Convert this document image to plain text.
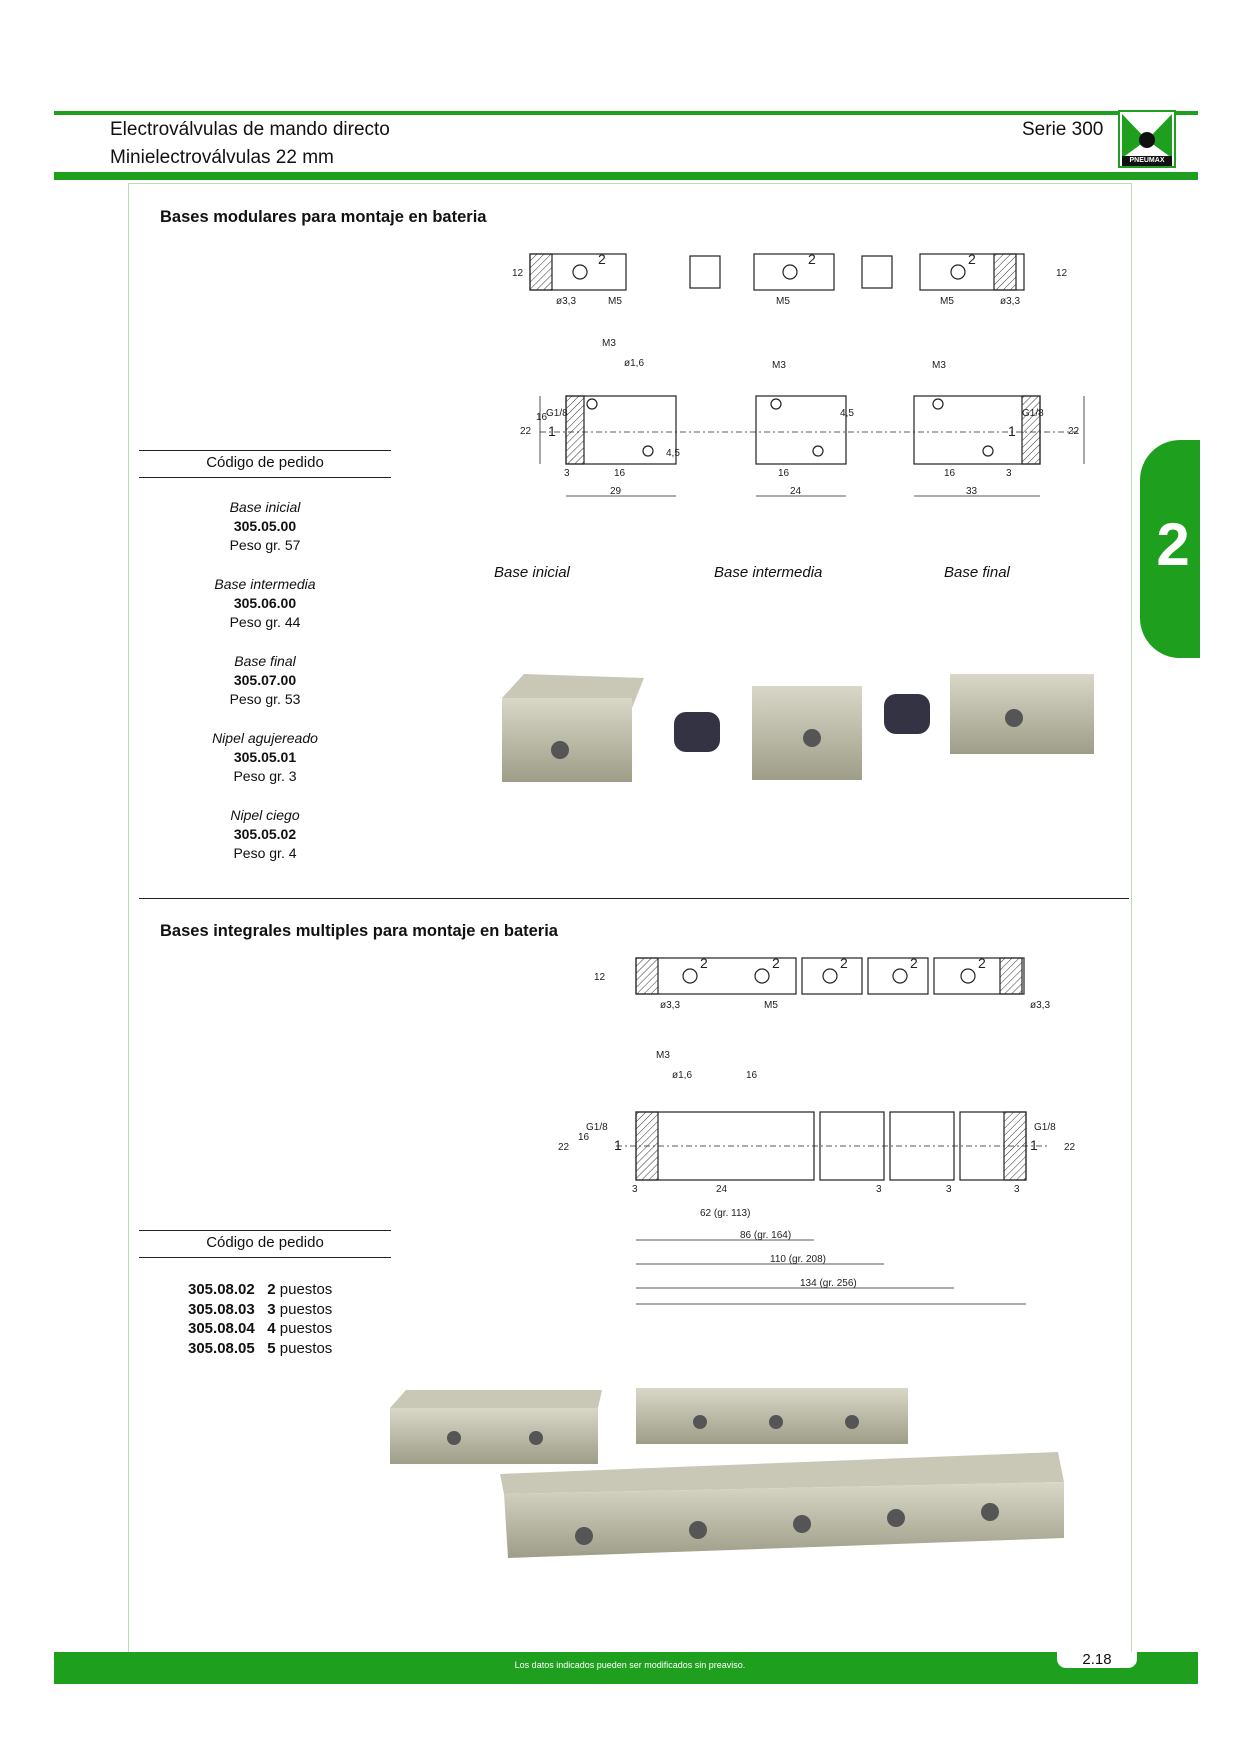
Electroválvulas de mando directo
Minielectroválvulas 22 mm
Serie 300
PNEUMAX
2
Bases modulares para montaje en bateria
Código de pedido
Base inicial
305.05.00
Peso gr. 57
Base intermedia
305.06.00
Peso gr. 44
Base final
305.07.00
Peso gr. 53
Nipel agujereado
305.05.01
Peso gr. 3
Nipel ciego
305.05.02
Peso gr. 4
2	2	2
12	12
ø3,3	ø3,3
M5	M5	M5
M3
M3	M3
ø1,6
22	22
16
G1/8	G1/8
1	1
4,5
4,5
3	3
16	16	16
29	24	33
Base inicial	Base intermedia	Base final
Bases integrales multiples para montaje en bateria
2	2	2	2	2
12
ø3,3	ø3,3
M5
M3
ø1,6	16
22	22
16
G1/8	G1/8
1	1
3	3	3	3
24
62 (gr. 113)
86 (gr. 164)
110 (gr. 208)
134 (gr. 256)
Código de pedido
305.08.02 2 puestos
305.08.03 3 puestos
305.08.04 4 puestos
305.08.05 5 puestos
Los datos indicados pueden ser modificados sin preaviso.	2.18
